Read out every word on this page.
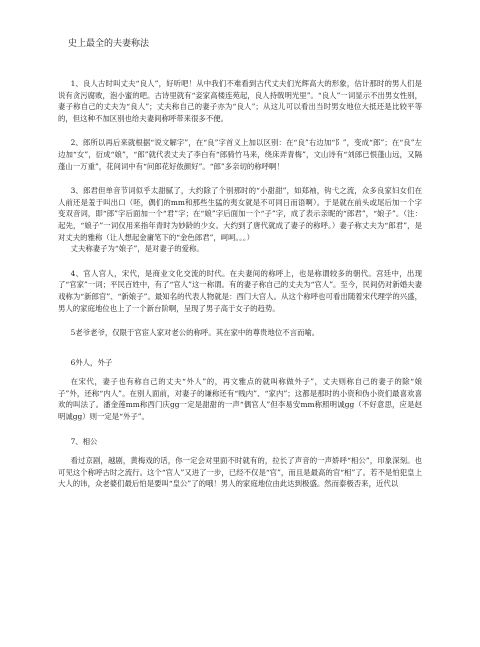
史上最全的夫妻称法

1、良人古时叫丈夫“良人”，好听吧！从中我们不难看到古代丈夫们光辉高大的形象，估计那时的男人们是说有贪污腐败，泡小蜜的吧。古诗里就有“妾家高楼连苑起，良人持戟明光里”。“良人”一词显示不出男女性别，妻子称自己的丈夫为“良人”；丈夫称自己的妻子亦为“良人”；从这儿可以看出当时男女地位大抵还是比较平等的，但这种不加区别也给夫妻间称呼带来很多不便。

2、郎所以再后来就根据“说文解字”，在“良”字首义上加以区别：在“良”右边加“阝”，变成“郎”；在“良”左边加“女”，衍成“娘”，“郎”就代表丈夫了李白有“郎骑竹马来，绕床弄青梅”，文山诗有“刘郎已恨蓬山远，又隔蓬山一万重”，花间词中有“问郎花好侬颜好”。“郎”多亲切的称呼啊！

3、郎君但单音节词似乎太甜腻了，大约除了个别那时的“小甜甜”，如郑袖，钩弋之流，众多良家妇女们在人前还是羞于叫出口（呸，偶们的mm和那些生猛的夷女就是不可同日而语啊）。于是就在前头或尾后加一个字变双音词，即“郎”字后面加一个“君”字；在“娘”字后面加一个“子”字，成了表示亲昵的“郎君”，“娘子”。（注：起先，“娘子”一词仅用来指年青时为妙龄的少女。大约到了唐代就成了妻子的称呼。）妻子称丈夫为“郎君”，是对丈夫的雅称（让人想起金庸笔下的“金色郎君”，呵呵。。。）

丈夫称妻子为“娘子”，是对妻子的爱称。

4、官人官人，宋代，是商业文化交流的时代。在夫妻间的称呼上，也是称谓较多的朝代。宫廷中，出现了“官家”一词；平民百姓中，有了“官人”这一称谓。有的妻子称自己的丈夫为“官人”。至今，民间仍对新婚夫妻戏称为“新郎官”、“新娘子”。最知名的代表人物就是：西门大官人。从这个称呼也可看出随着宋代理学的兴盛，男人的家庭地位也上了一个新台阶啊，呈现了男子高于女子的趋势。

5老爷老爷，仅限于官宦人家对老公的称呼。其在家中的尊贵地位不言而喻。

6外人，外子

在宋代，妻子也有称自己的丈夫“外人”的，再文雅点的就叫称做外子”，丈夫则称自己的妻子的除“娘子”外，还称“内人”。在别人面前，对妻子的谦称还有“贱内”、“家内”；这都是那时的小资和伪小资们最喜欢喜欢的叫法了。潘金莲mm称西门庆gg一定是甜甜的一声“偶官人”但李易安mm称照明诚gg（不好意思，应是赵明诚gg）则一定是“外子”。

7、相公

看过京剧，越剧，黄梅戏的话，你一定会对里面不时就有的，拉长了声音的一声娇呼“相公”，印象深刻。也可见这个称呼古时之流行。这个“官人”又进了一步，已经不仅是“官”，而且是最高的官“相”了。若不是怕犯皇上大人的讳，众老婆们最后怕是要叫“皇公”了的哦！男人的家庭地位由此达到极盛。然而泰极否来，近代以
